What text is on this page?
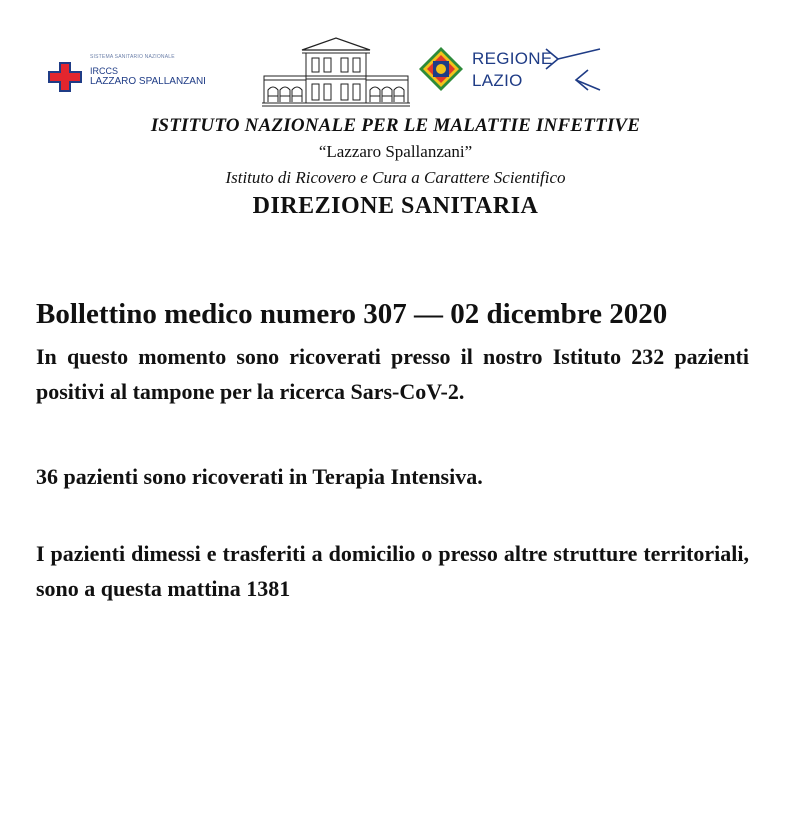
SISTEMA SANITARIO NAZIONALE
IRCCS
LAZZARO SPALLANZANI
REGIONE
LAZIO
ISTITUTO NAZIONALE PER LE MALATTIE INFETTIVE
“Lazzaro Spallanzani”
Istituto di Ricovero e Cura a Carattere Scientifico
DIREZIONE SANITARIA
Bollettino medico numero 307 — 02 dicembre 2020

In questo momento sono ricoverati presso il nostro Istituto 232 pazienti positivi al tampone per la ricerca Sars-CoV-2.

36 pazienti sono ricoverati in Terapia Intensiva.

I pazienti dimessi e trasferiti a domicilio o presso altre strutture territoriali, sono a questa mattina 1381
